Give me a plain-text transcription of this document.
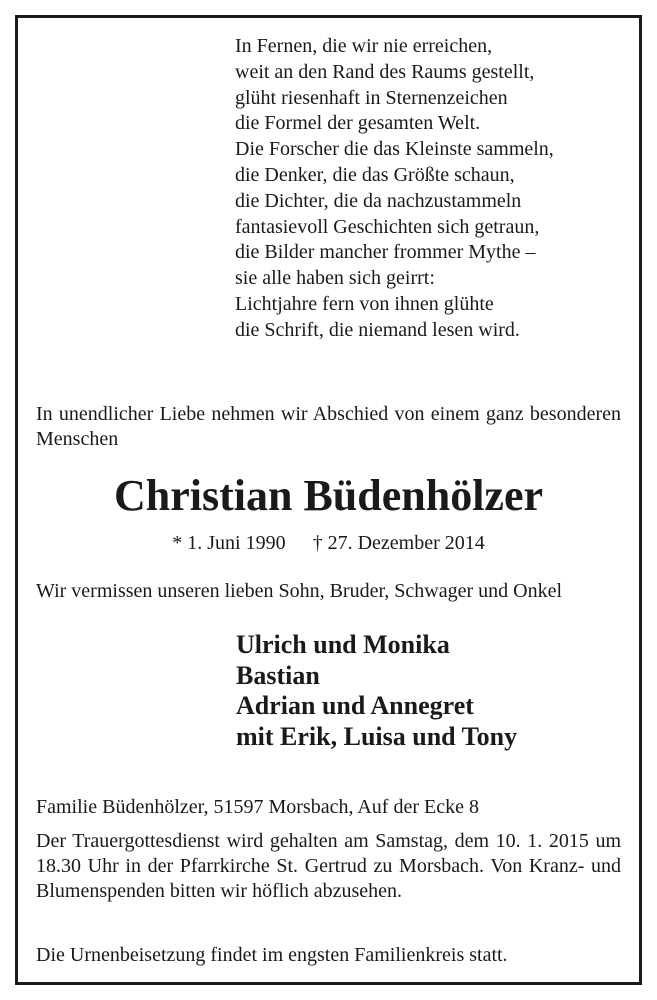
In Fernen, die wir nie erreichen,
weit an den Rand des Raums gestellt,
glüht riesenhaft in Sternenzeichen
die Formel der gesamten Welt.
Die Forscher die das Kleinste sammeln,
die Denker, die das Größte schaun,
die Dichter, die da nachzustammeln
fantasievoll Geschichten sich getraun,
die Bilder mancher frommer Mythe –
sie alle haben sich geirrt:
Lichtjahre fern von ihnen glühte
die Schrift, die niemand lesen wird.
In unendlicher Liebe nehmen wir Abschied von einem ganz besonderen Menschen
Christian Büdenhölzer
* 1. Juni 1990 † 27. Dezember 2014
Wir vermissen unseren lieben Sohn, Bruder, Schwager und Onkel
Ulrich und Monika
Bastian
Adrian und Annegret
mit Erik, Luisa und Tony
Familie Büdenhölzer, 51597 Morsbach, Auf der Ecke 8
Der Trauergottesdienst wird gehalten am Samstag, dem 10. 1. 2015 um 18.30 Uhr in der Pfarrkirche St. Gertrud zu Morsbach. Von Kranz- und Blumenspenden bitten wir höflich abzusehen.
Die Urnenbeisetzung findet im engsten Familienkreis statt.
